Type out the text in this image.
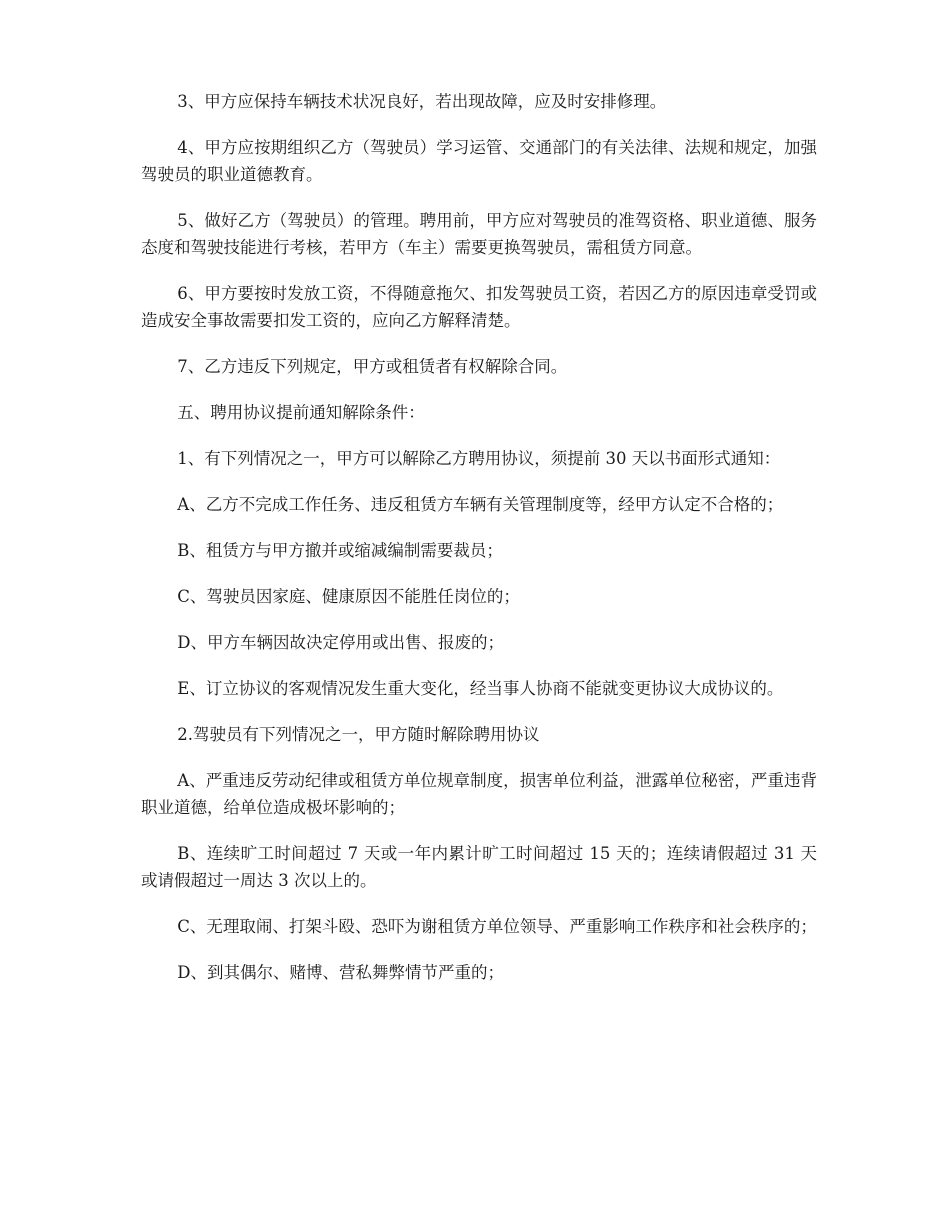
3、甲方应保持车辆技术状况良好，若出现故障，应及时安排修理。

4、甲方应按期组织乙方（驾驶员）学习运管、交通部门的有关法律、法规和规定，加强驾驶员的职业道德教育。

5、做好乙方（驾驶员）的管理。聘用前，甲方应对驾驶员的准驾资格、职业道德、服务态度和驾驶技能进行考核，若甲方（车主）需要更换驾驶员，需租赁方同意。

6、甲方要按时发放工资，不得随意拖欠、扣发驾驶员工资，若因乙方的原因违章受罚或造成安全事故需要扣发工资的，应向乙方解释清楚。

7、乙方违反下列规定，甲方或租赁者有权解除合同。

五、聘用协议提前通知解除条件：

1、有下列情况之一，甲方可以解除乙方聘用协议，须提前 30 天以书面形式通知：

A、乙方不完成工作任务、违反租赁方车辆有关管理制度等，经甲方认定不合格的；

B、租赁方与甲方撤并或缩减编制需要裁员；

C、驾驶员因家庭、健康原因不能胜任岗位的；

D、甲方车辆因故决定停用或出售、报废的；

E、订立协议的客观情况发生重大变化，经当事人协商不能就变更协议大成协议的。

2.驾驶员有下列情况之一，甲方随时解除聘用协议

A、严重违反劳动纪律或租赁方单位规章制度，损害单位利益，泄露单位秘密，严重违背职业道德，给单位造成极坏影响的；

B、连续旷工时间超过 7 天或一年内累计旷工时间超过 15 天的；连续请假超过 31 天或请假超过一周达 3 次以上的。

C、无理取闹、打架斗殴、恐吓为谢租赁方单位领导、严重影响工作秩序和社会秩序的；

D、到其偶尔、赌博、营私舞弊情节严重的；
